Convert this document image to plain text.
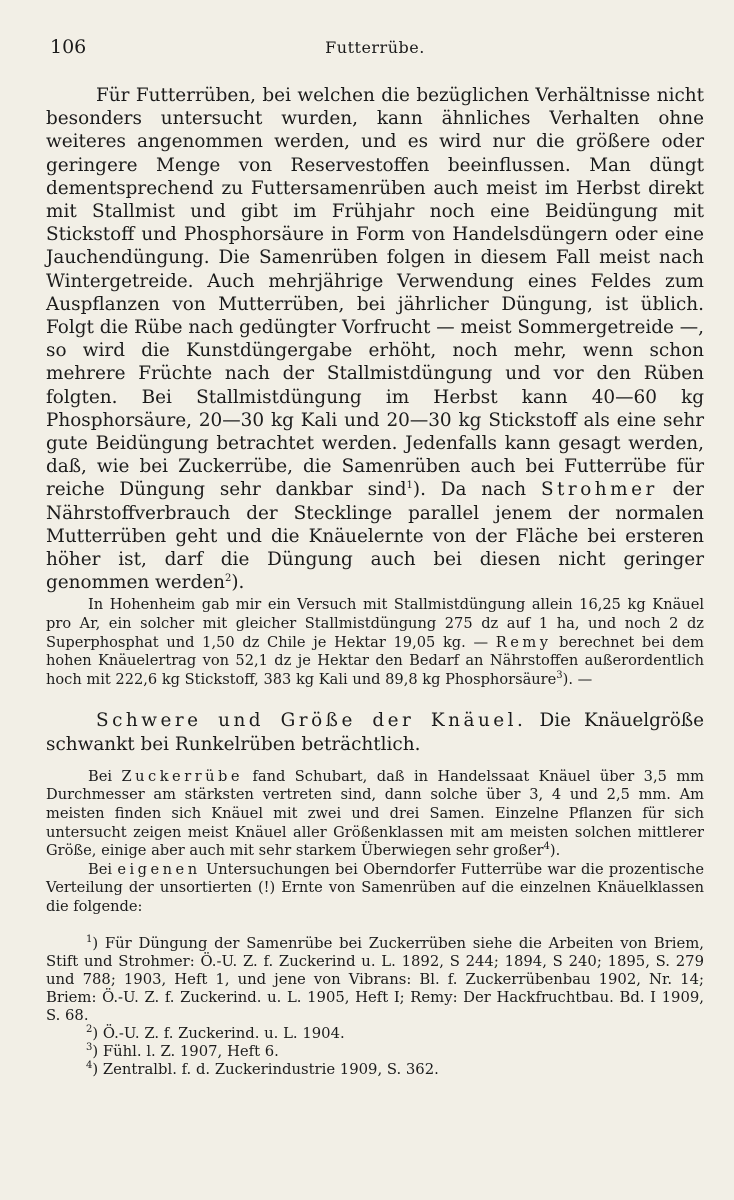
106	Futterrübe.

Für Futterrüben, bei welchen die bezüglichen Verhältnisse nicht besonders untersucht wurden, kann ähnliches Verhalten ohne weiteres angenommen werden, und es wird nur die größere oder geringere Menge von Reservestoffen beeinflussen. Man düngt dementsprechend zu Futtersamenrüben auch meist im Herbst direkt mit Stallmist und gibt im Frühjahr noch eine Beidüngung mit Stickstoff und Phosphorsäure in Form von Handelsdüngern oder eine Jauchendüngung. Die Samenrüben folgen in diesem Fall meist nach Wintergetreide. Auch mehrjährige Verwendung eines Feldes zum Auspflanzen von Mutterrüben, bei jährlicher Düngung, ist üblich. Folgt die Rübe nach gedüngter Vorfrucht — meist Sommergetreide —, so wird die Kunstdüngergabe erhöht, noch mehr, wenn schon mehrere Früchte nach der Stallmistdüngung und vor den Rüben folgten. Bei Stallmistdüngung im Herbst kann 40—60 kg Phosphorsäure, 20—30 kg Kali und 20—30 kg Stickstoff als eine sehr gute Beidüngung betrachtet werden. Jedenfalls kann gesagt werden, daß, wie bei Zuckerrübe, die Samenrüben auch bei Futterrübe für reiche Düngung sehr dankbar sind$^1$). Da nach Strohmer der Nährstoffverbrauch der Stecklinge parallel jenem der normalen Mutterrüben geht und die Knäuelernte von der Fläche bei ersteren höher ist, darf die Düngung auch bei diesen nicht geringer genommen werden$^2$).

In Hohenheim gab mir ein Versuch mit Stallmistdüngung allein 16,25 kg Knäuel pro Ar, ein solcher mit gleicher Stallmistdüngung 275 dz auf 1 ha, und noch 2 dz Superphosphat und 1,50 dz Chile je Hektar 19,05 kg. — Remy berechnet bei dem hohen Knäuelertrag von 52,1 dz je Hektar den Bedarf an Nährstoffen außerordentlich hoch mit 222,6 kg Stickstoff, 383 kg Kali und 89,8 kg Phosphorsäure$^3$). —

Schwere und Größe der Knäuel. Die Knäuelgröße schwankt bei Runkelrüben beträchtlich.

Bei Zuckerrübe fand Schubart, daß in Handelssaat Knäuel über 3,5 mm Durchmesser am stärksten vertreten sind, dann solche über 3, 4 und 2,5 mm. Am meisten finden sich Knäuel mit zwei und drei Samen. Einzelne Pflanzen für sich untersucht zeigen meist Knäuel aller Größenklassen mit am meisten solchen mittlerer Größe, einige aber auch mit sehr starkem Überwiegen sehr großer$^4$).

Bei eigenen Untersuchungen bei Oberndorfer Futterrübe war die prozentische Verteilung der unsortierten (!) Ernte von Samenrüben auf die einzelnen Knäuelklassen die folgende:

$^1$) Für Düngung der Samenrübe bei Zuckerrüben siehe die Arbeiten von Briem, Stift und Strohmer: Ö.-U. Z. f. Zuckerind u. L. 1892, S 244; 1894, S 240; 1895, S. 279 und 788; 1903, Heft 1, und jene von Vibrans: Bl. f. Zuckerrübenbau 1902, Nr. 14; Briem: Ö.-U. Z. f. Zuckerind. u. L. 1905, Heft I; Remy: Der Hackfruchtbau. Bd. I 1909, S. 68.

$^2$) Ö.-U. Z. f. Zuckerind. u. L. 1904.

$^3$) Fühl. l. Z. 1907, Heft 6.

$^4$) Zentralbl. f. d. Zuckerindustrie 1909, S. 362.
